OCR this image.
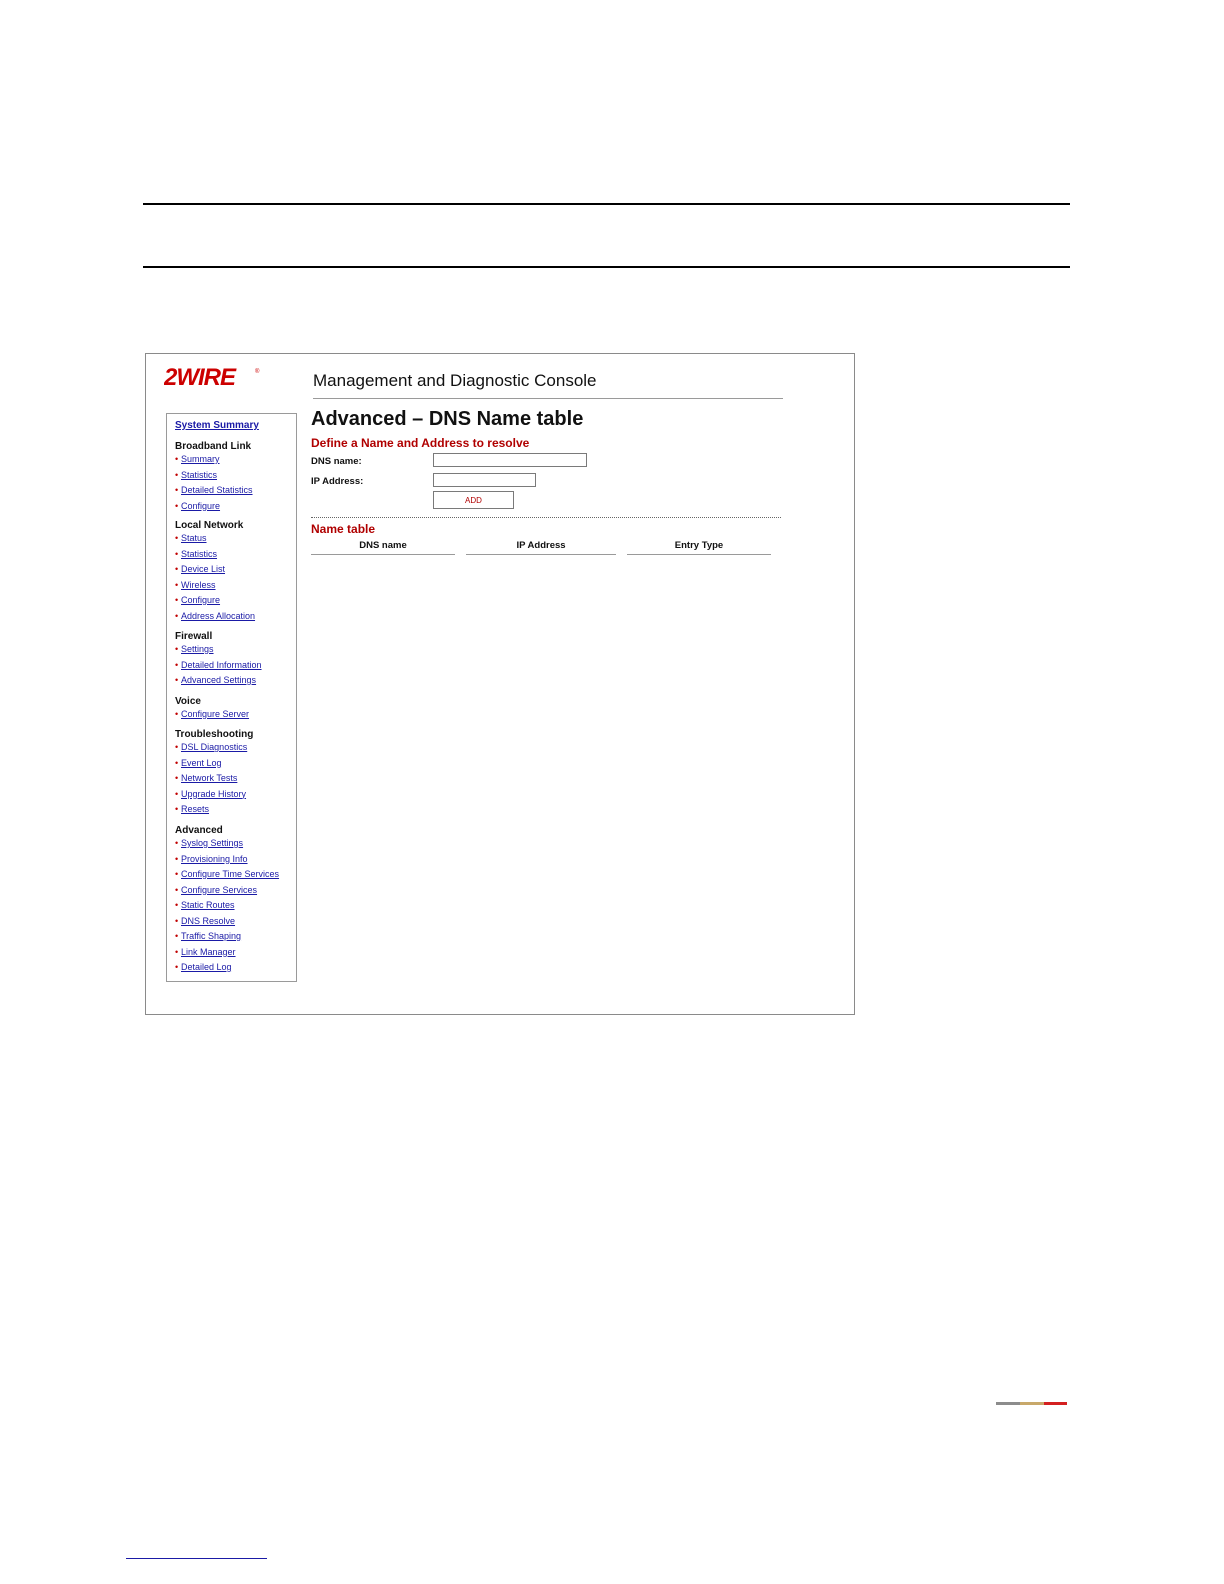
2WIRE	®	Management and Diagnostic Console
System Summary
Broadband Link
• Summary
• Statistics
• Detailed Statistics
• Configure
Local Network
• Status
• Statistics
• Device List
• Wireless
• Configure
• Address Allocation
Firewall
• Settings
• Detailed Information
• Advanced Settings
Voice
• Configure Server
Troubleshooting
• DSL Diagnostics
• Event Log
• Network Tests
• Upgrade History
• Resets
Advanced
• Syslog Settings
• Provisioning Info
• Configure Time Services
• Configure Services
• Static Routes
• DNS Resolve
• Traffic Shaping
• Link Manager
• Detailed Log
Advanced – DNS Name table
Define a Name and Address to resolve
DNS name:
IP Address:
ADD
Name table
DNS name	IP Address	Entry Type
